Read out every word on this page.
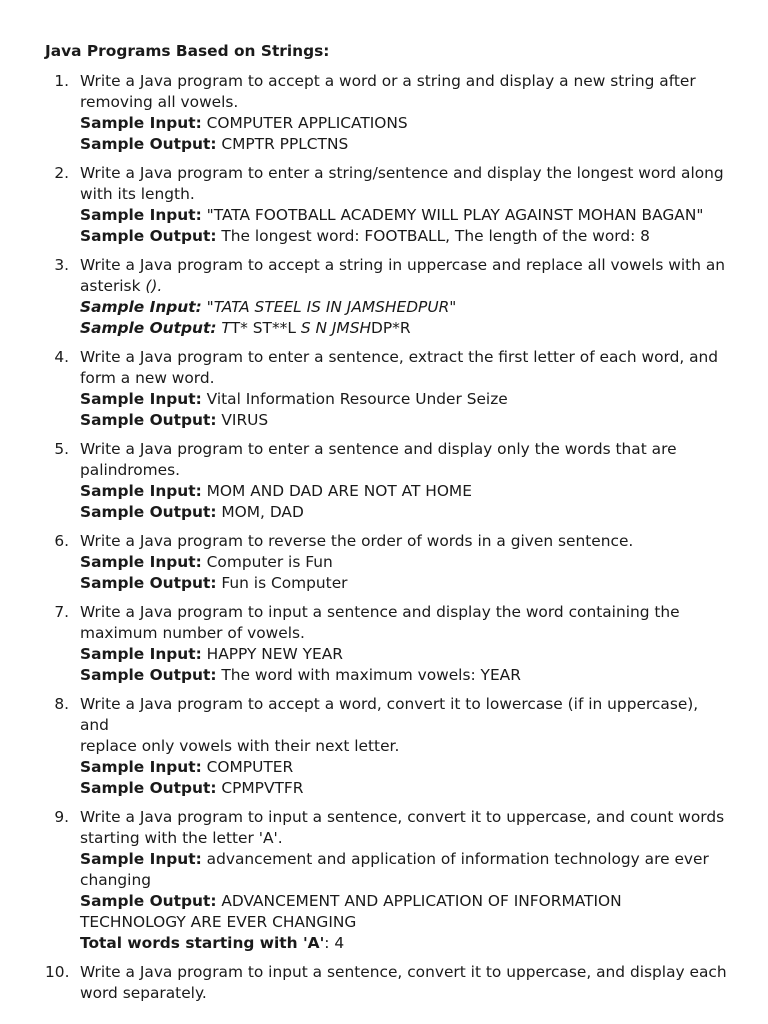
Java Programs Based on Strings:
1. Write a Java program to accept a word or a string and display a new string after
removing all vowels.
Sample Input: COMPUTER APPLICATIONS
Sample Output: CMPTR PPLCTNS
2. Write a Java program to enter a string/sentence and display the longest word along
with its length.
Sample Input: "TATA FOOTBALL ACADEMY WILL PLAY AGAINST MOHAN BAGAN"
Sample Output: The longest word: FOOTBALL, The length of the word: 8
3. Write a Java program to accept a string in uppercase and replace all vowels with an
asterisk ().
Sample Input: "TATA STEEL IS IN JAMSHEDPUR"
Sample Output: TT* ST**L S N JMSHDP*R
4. Write a Java program to enter a sentence, extract the first letter of each word, and
form a new word.
Sample Input: Vital Information Resource Under Seize
Sample Output: VIRUS
5. Write a Java program to enter a sentence and display only the words that are
palindromes.
Sample Input: MOM AND DAD ARE NOT AT HOME
Sample Output: MOM, DAD
6. Write a Java program to reverse the order of words in a given sentence.
Sample Input: Computer is Fun
Sample Output: Fun is Computer
7. Write a Java program to input a sentence and display the word containing the
maximum number of vowels.
Sample Input: HAPPY NEW YEAR
Sample Output: The word with maximum vowels: YEAR
8. Write a Java program to accept a word, convert it to lowercase (if in uppercase), and
replace only vowels with their next letter.
Sample Input: COMPUTER
Sample Output: CPMPVTFR
9. Write a Java program to input a sentence, convert it to uppercase, and count words
starting with the letter 'A'.
Sample Input: advancement and application of information technology are ever
changing
Sample Output: ADVANCEMENT AND APPLICATION OF INFORMATION
TECHNOLOGY ARE EVER CHANGING
Total words starting with 'A': 4
10. Write a Java program to input a sentence, convert it to uppercase, and display each
word separately.
